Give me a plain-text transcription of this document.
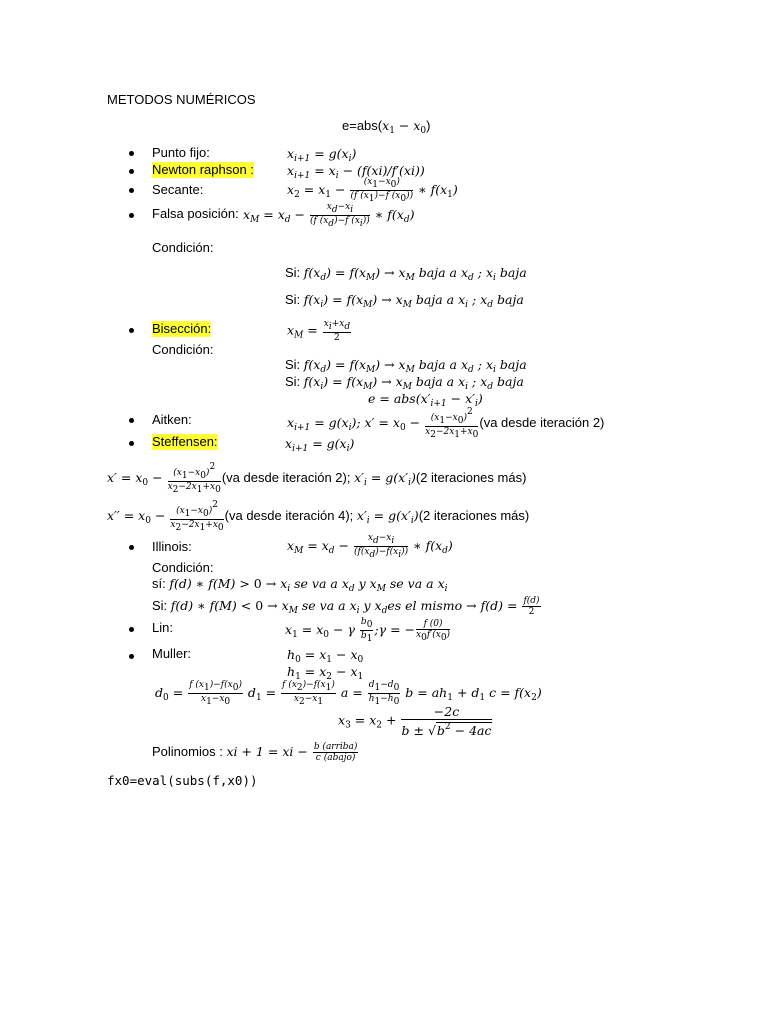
METODOS NUMÉRICOS
$e=abs(x_1 - x_0)$
Punto fijo:	$x_{i+1} = g(x_i)$
Newton raphson :	$x_{i+1} = x_i - (f(xi)/f'(xi))$
Secante:	$x_2 = x_1 - \frac{(x1-x0)}{(f (x1)-f (x0))}$ ∗ $f(x_1)$
Falsa posición: $x_M = x_d - \frac{xd-xi}{(f (xd)-f (xi))}$ ∗ $f(x_d)$
Condición:
Si: $f(x_d) = f(x_M) \to x_M$ baja a $x_d$ ; $x_i$ baja
Si: $f(x_i) = f(x_M) \to x_M$ baja a $x_i$ ; $x_d$ baja
Bisección:	$x_M = \frac{xi+xd}{2}$
Condición:
Si: $f(x_d) = f(x_M) \to x_M$ baja a $x_d$ ; $x_i$ baja
Si: $f(x_i) = f(x_M) \to x_M$ baja a $x_i$ ; $x_d$ baja
$e = abs(x'_{i+1} - x'_i)$
Aitken:	$x_{i+1} = g(x_i)$; $x' = x_0 - \frac{(x1-x0)2}{x2-2x1+x0} (va$ desde iteración 2)
Steffensen:	$x_{i+1} = g(x_i)$
$x' = x_0 - \frac{(x1-x0)2}{x2-2x1+x0} (va$ desde iteración 2); $x'_i = g(x'_i)(2$ iteraciones más)
$x'' = x_0 - \frac{(x1-x0)2}{x2-2x1+x0} (va$ desde iteración 4); $x'_i = g(x'_i)(2$ iteraciones más)
Illinois:	$x_M = x_d - \frac{xd-xi}{(f(xd)-f(xi))}$ ∗ $f(x_d)$
Condición:
sí: f(d) ∗ $f(M) > 0 \to x_i$ se va a $x_d$ y $x_M$ se va a $x_i$
Si: f(d) ∗ $f(M) < 0 \to x_M$ se va a $x_i$ y $x_des$ el mismo → $f(d) = \frac{f(d)}{2}$
Lin:	$x_1 = x_0 - \gamma \frac{b0}{b1}$ ;γ = − $\frac{f (0)}{x0f'(x0)}$
Muller:	$h_0 = x_1 - x_0$
$h_1 = x_2 - x_1$
$d_0 = \frac{f (x1)-f(x0)}{x1-x0} d_1 = \frac{f (x2)-f(x1)}{x2-x1}$ $a = \frac{d1-d0}{h1-h0}$ $b = ah_1 + d_1$ $c = f(x_2)$
$x_3 = x_2 + \frac{-2c}{b \pm √b^2 - 4ac}$
Polinomios : xi + 1 = xi − b (arriba)
c (abajo)
fx0=eval(subs(f,x0))
